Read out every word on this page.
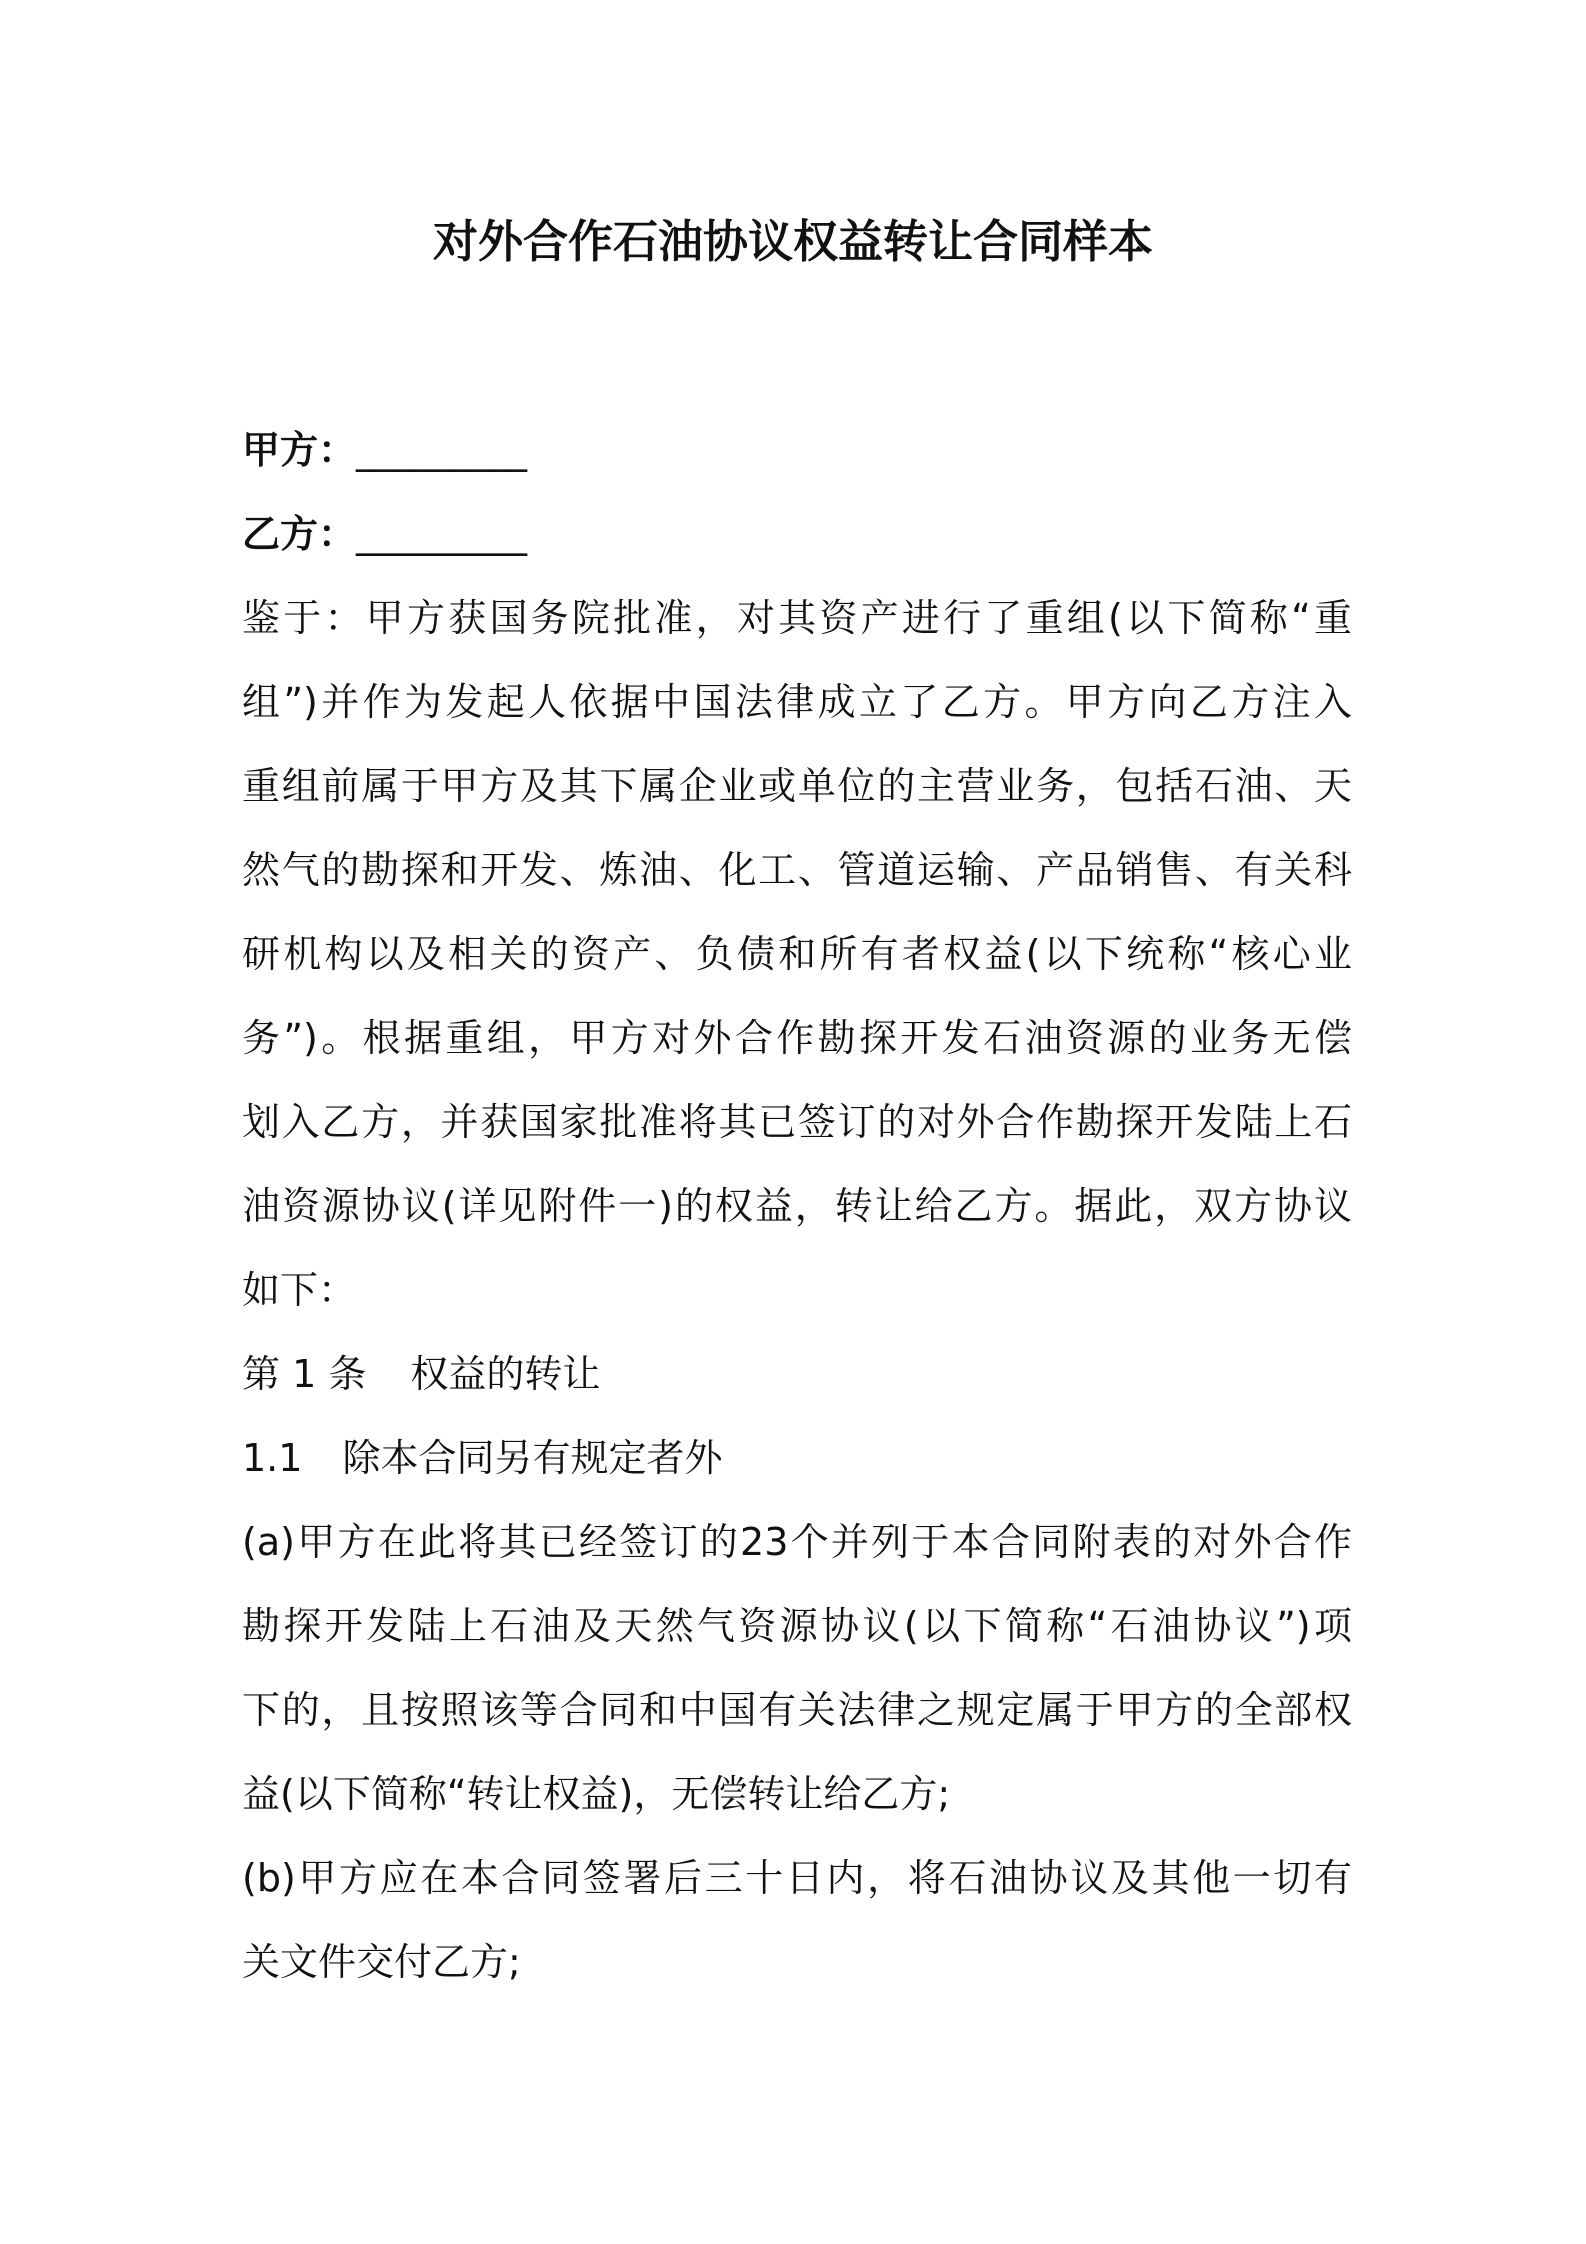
对外合作石油协议权益转让合同样本
甲方：_________
乙方：_________
鉴于：甲方获国务院批准，对其资产进行了重组(以下简称“重
组”)并作为发起人依据中国法律成立了乙方。甲方向乙方注入
重组前属于甲方及其下属企业或单位的主营业务，包括石油、天
然气的勘探和开发、炼油、化工、管道运输、产品销售、有关科
研机构以及相关的资产、负债和所有者权益(以下统称“核心业
务”)。根据重组，甲方对外合作勘探开发石油资源的业务无偿
划入乙方，并获国家批准将其已签订的对外合作勘探开发陆上石
油资源协议(详见附件一)的权益，转让给乙方。据此，双方协议
如下：
第 1 条 权益的转让
1.1 除本合同另有规定者外
(a)甲方在此将其已经签订的23个并列于本合同附表的对外合作
勘探开发陆上石油及天然气资源协议(以下简称“石油协议”)项
下的，且按照该等合同和中国有关法律之规定属于甲方的全部权
益(以下简称“转让权益)，无偿转让给乙方;
(b)甲方应在本合同签署后三十日内，将石油协议及其他一切有
关文件交付乙方;
